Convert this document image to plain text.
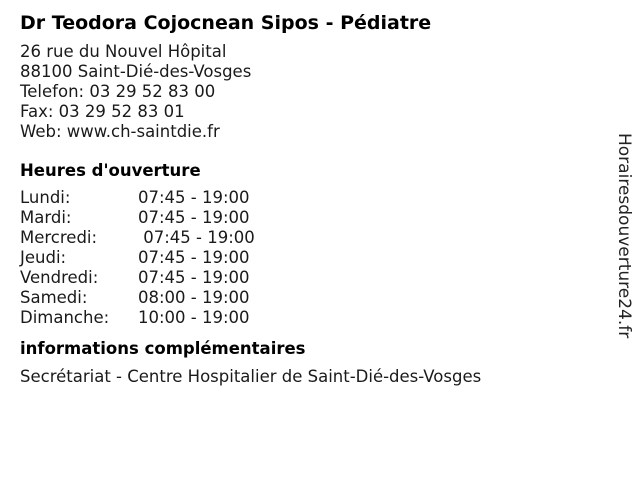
Dr Teodora Cojocnean Sipos - Pédiatre
26 rue du Nouvel Hôpital
88100 Saint-Dié-des-Vosges
Telefon: 03 29 52 83 00
Fax: 03 29 52 83 01
Web: www.ch-saintdie.fr
Heures d'ouverture
Lundi:	07:45 - 19:00
Mardi:	07:45 - 19:00
Mercredi:	07:45 - 19:00
Jeudi:	07:45 - 19:00
Vendredi:	07:45 - 19:00
Samedi:	08:00 - 19:00
Dimanche:	10:00 - 19:00
informations complémentaires
Secrétariat - Centre Hospitalier de Saint-Dié-des-Vosges
Horairesdouverture24.fr
